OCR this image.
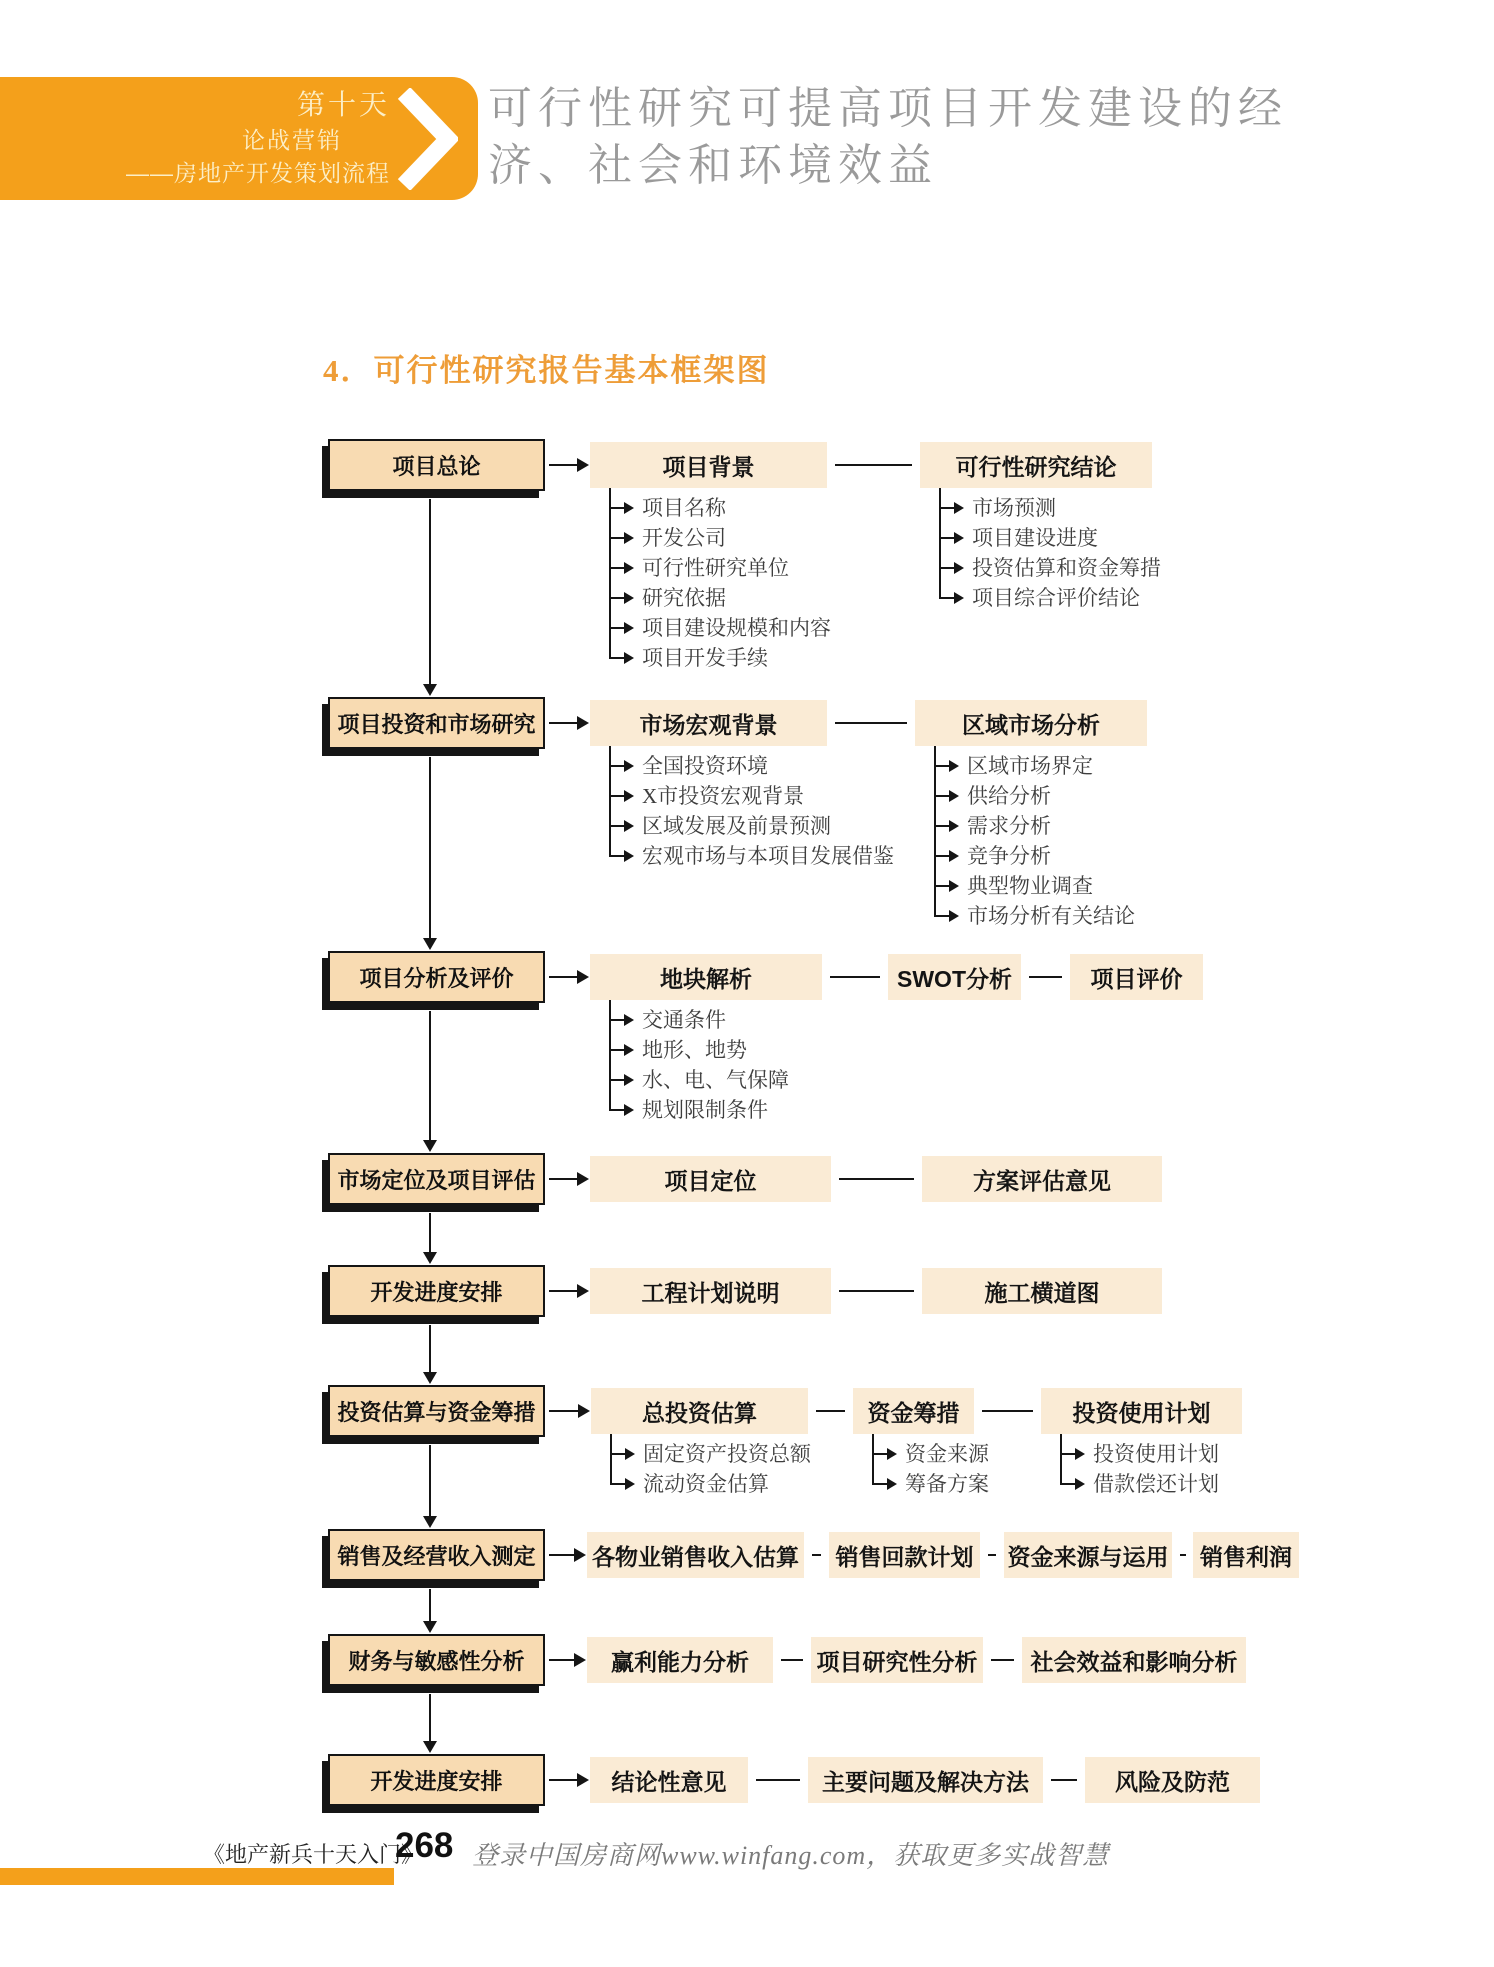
第十天
论战营销
——房地产开发策划流程
可行性研究可提高项目开发建设的经
济、社会和环境效益
4．可行性研究报告基本框架图
项目总论	项目背景
项目名称
开发公司
可行性研究单位
研究依据
项目建设规模和内容
项目开发手续
可行性研究结论
市场预测
项目建设进度
投资估算和资金筹措
项目综合评价结论
项目投资和市场研究	市场宏观背景
全国投资环境
X市投资宏观背景
区域发展及前景预测
宏观市场与本项目发展借鉴
区域市场分析
区域市场界定
供给分析
需求分析
竞争分析
典型物业调查
市场分析有关结论
项目分析及评价	地块解析
交通条件
地形、地势
水、电、气保障
规划限制条件
SWOT分析	项目评价
市场定位及项目评估	项目定位	方案评估意见
开发进度安排	工程计划说明	施工横道图
投资估算与资金筹措	总投资估算
固定资产投资总额
流动资金估算
资金筹措
资金来源
筹备方案
投资使用计划
投资使用计划
借款偿还计划
销售及经营收入测定	各物业销售收入估算 销售回款计划 资金来源与运用	销售利润
财务与敏感性分析	赢利能力分析	项目研究性分析	社会效益和影响分析
开发进度安排	结论性意见	主要问题及解决方法	风险及防范
《地产新兵十天入门》
268 登录中国房商网www.winfang.com，获取更多实战智慧
